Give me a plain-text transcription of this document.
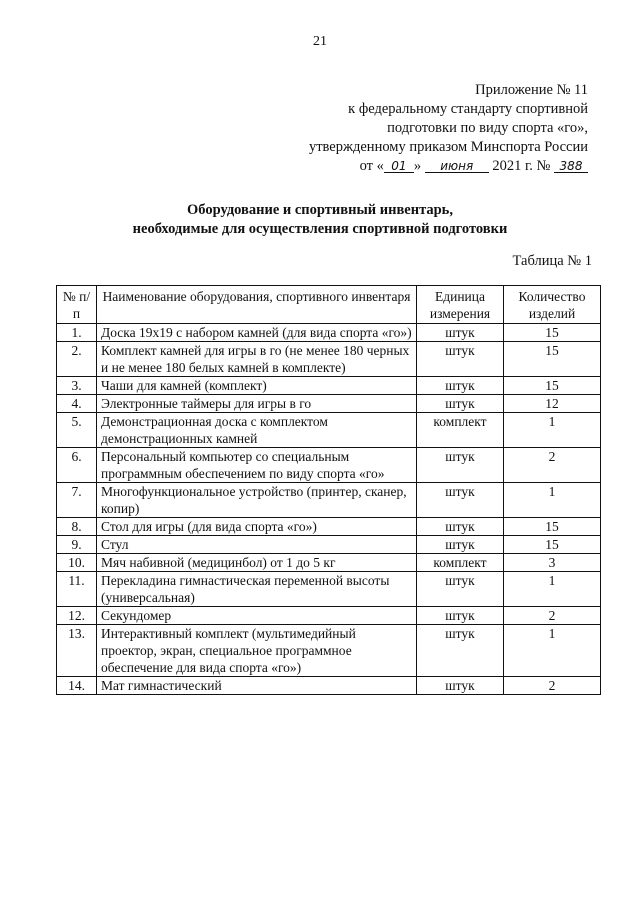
21
Приложение № 11
к федеральному стандарту спортивной
подготовки по виду спорта «го»,
утвержденному приказом Минспорта России
от « 01 » июня 2021 г. № 388
Оборудование и спортивный инвентарь,
необходимые для осуществления спортивной подготовки
Таблица № 1
№ п/п	Наименование оборудования, спортивного инвентаря	Единица измерения	Количество изделий
1.	Доска 19x19 с набором камней (для вида спорта «го»)	штук	15
2.	Комплект камней для игры в го (не менее 180 черных и не менее 180 белых камней в комплекте)	штук	15
3.	Чаши для камней (комплект)	штук	15
4.	Электронные таймеры для игры в го	штук	12
5.	Демонстрационная доска с комплектом демонстрационных камней	комплект	1
6.	Персональный компьютер со специальным программным обеспечением по виду спорта «го»	штук	2
7.	Многофункциональное устройство (принтер, сканер, копир)	штук	1
8.	Стол для игры (для вида спорта «го»)	штук	15
9.	Стул	штук	15
10.	Мяч набивной (медицинбол) от 1 до 5 кг	комплект	3
11.	Перекладина гимнастическая переменной высоты (универсальная)	штук	1
12.	Секундомер	штук	2
13.	Интерактивный комплект (мультимедийный проектор, экран, специальное программное обеспечение для вида спорта «го»)	штук	1
14.	Мат гимнастический	штук	2
